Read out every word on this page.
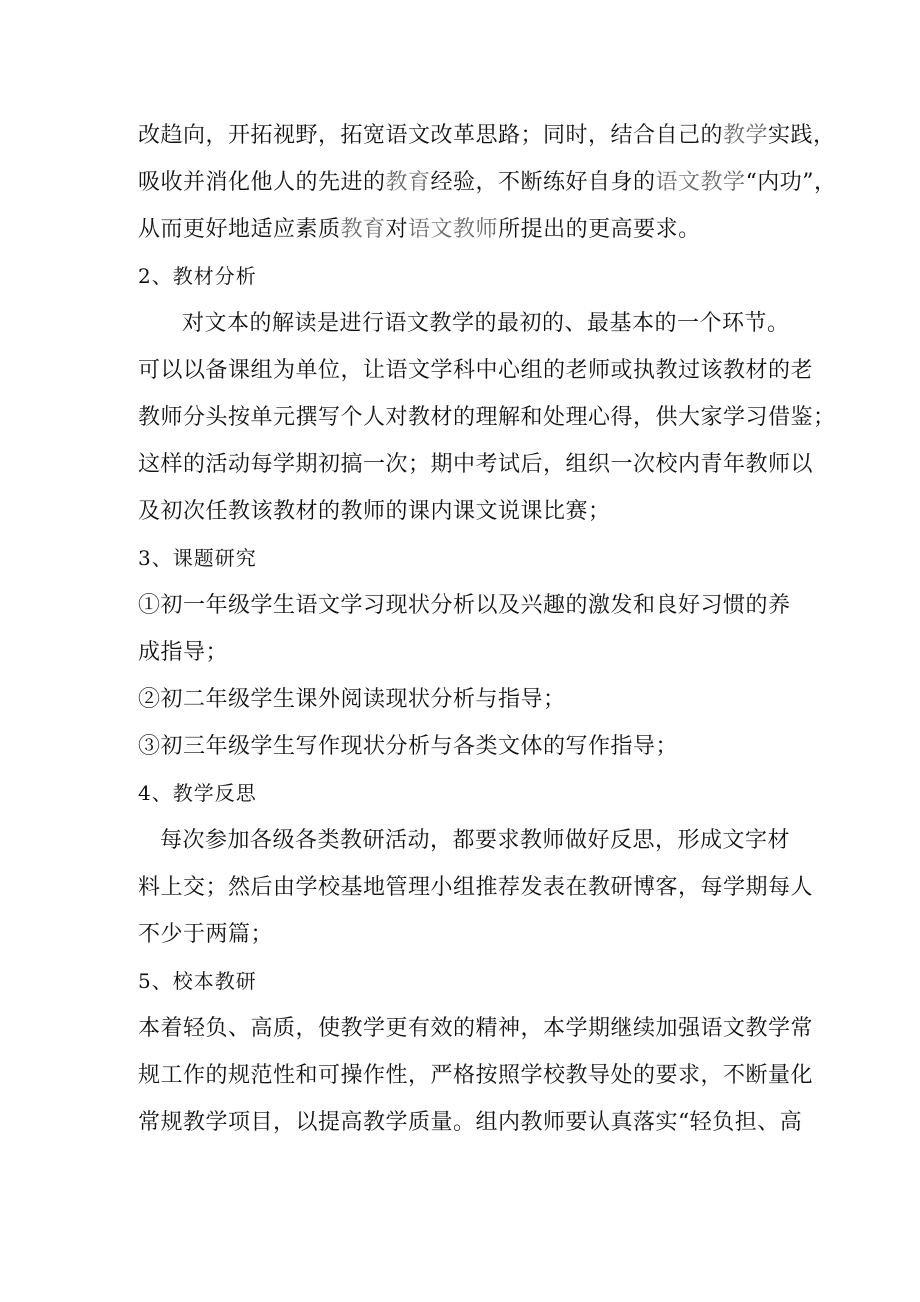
改趋向，开拓视野，拓宽语文改革思路；同时，结合自己的教学实践，
吸收并消化他人的先进的教育经验，不断练好自身的语文教学“内功”，
从而更好地适应素质教育对语文教师所提出的更高要求。
2、教材分析
对文本的解读是进行语文教学的最初的、最基本的一个环节。
可以以备课组为单位，让语文学科中心组的老师或执教过该教材的老
教师分头按单元撰写个人对教材的理解和处理心得，供大家学习借鉴；
这样的活动每学期初搞一次；期中考试后，组织一次校内青年教师以
及初次任教该教材的教师的课内课文说课比赛；
3、课题研究
①初一年级学生语文学习现状分析以及兴趣的激发和良好习惯的养
成指导；
②初二年级学生课外阅读现状分析与指导；
③初三年级学生写作现状分析与各类文体的写作指导；
4、教学反思
每次参加各级各类教研活动，都要求教师做好反思，形成文字材
料上交；然后由学校基地管理小组推荐发表在教研博客，每学期每人
不少于两篇；
5、校本教研
本着轻负、高质，使教学更有效的精神，本学期继续加强语文教学常
规工作的规范性和可操作性，严格按照学校教导处的要求，不断量化
常规教学项目，以提高教学质量。组内教师要认真落实“轻负担、高
